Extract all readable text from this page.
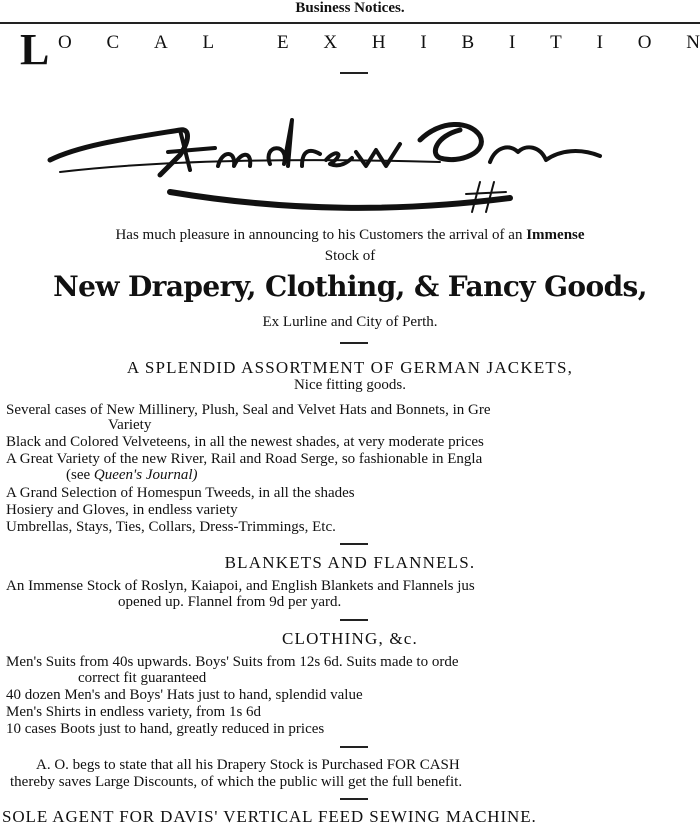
Business Notices.
L O C A L	E X H I B I T I O N
Has much pleasure in announcing to his Customers the arrival of an Immense
Stock of
New Drapery, Clothing, & Fancy Goods,
Ex Lurline and City of Perth.
A SPLENDID ASSORTMENT OF GERMAN JACKETS,
Nice fitting goods.
Several cases of New Millinery, Plush, Seal and Velvet Hats and Bonnets, in Gre
Variety
Black and Colored Velveteens, in all the newest shades, at very moderate prices
A Great Variety of the new River, Rail and Road Serge, so fashionable in Engla
(see Queen's Journal)
A Grand Selection of Homespun Tweeds, in all the shades
Hosiery and Gloves, in endless variety
Umbrellas, Stays, Ties, Collars, Dress-Trimmings, Etc.
BLANKETS AND FLANNELS.
An Immense Stock of Roslyn, Kaiapoi, and English Blankets and Flannels jus
opened up. Flannel from 9d per yard.
CLOTHING, &c.
Men's Suits from 40s upwards. Boys' Suits from 12s 6d. Suits made to orde
correct fit guaranteed
40 dozen Men's and Boys' Hats just to hand, splendid value
Men's Shirts in endless variety, from 1s 6d
10 cases Boots just to hand, greatly reduced in prices
A. O. begs to state that all his Drapery Stock is Purchased FOR CASH
thereby saves Large Discounts, of which the public will get the full benefit.
SOLE AGENT FOR DAVIS' VERTICAL FEED SEWING MACHINE.
